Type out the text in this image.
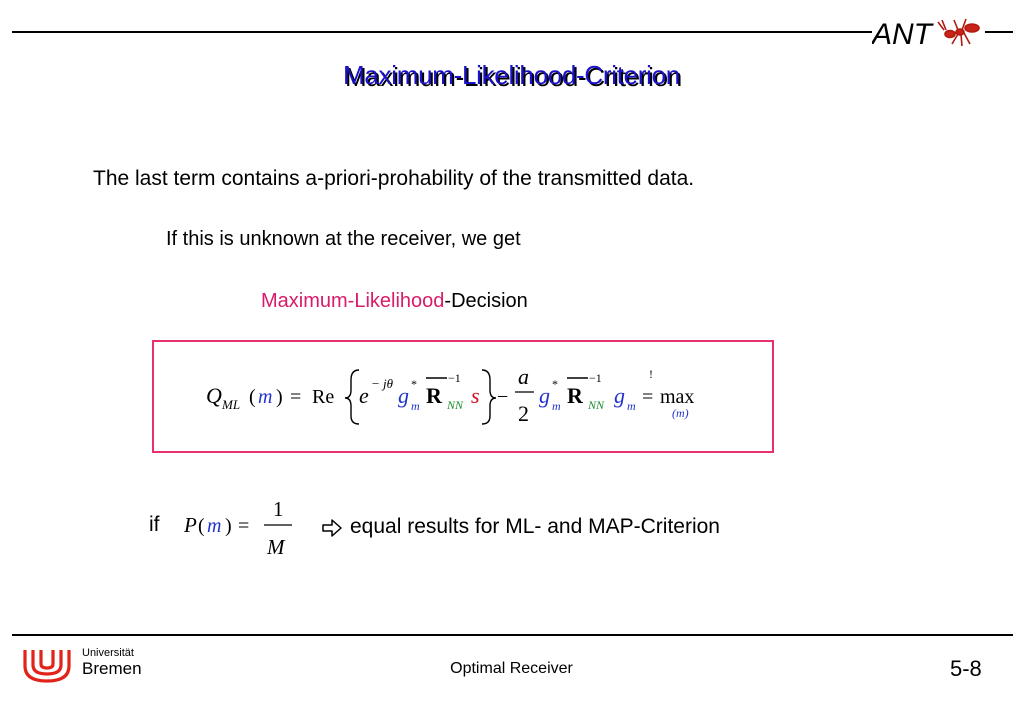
ANT
Maximum-Likelihood-Criterion
The last term contains a-priori-prohability of the transmitted data.
If this is unknown at the receiver, we get
Maximum-Likelihood-Decision
Q ML ( m ) = Re e − jθ g *
m R NN
−1
s −
a
2
g *
m R NN
−1
g m
!
= max
(m)
if P ( m ) =
1
M
equal results for ML- and MAP-Criterion
Universität
Bremen	Optimal Receiver	5-8
